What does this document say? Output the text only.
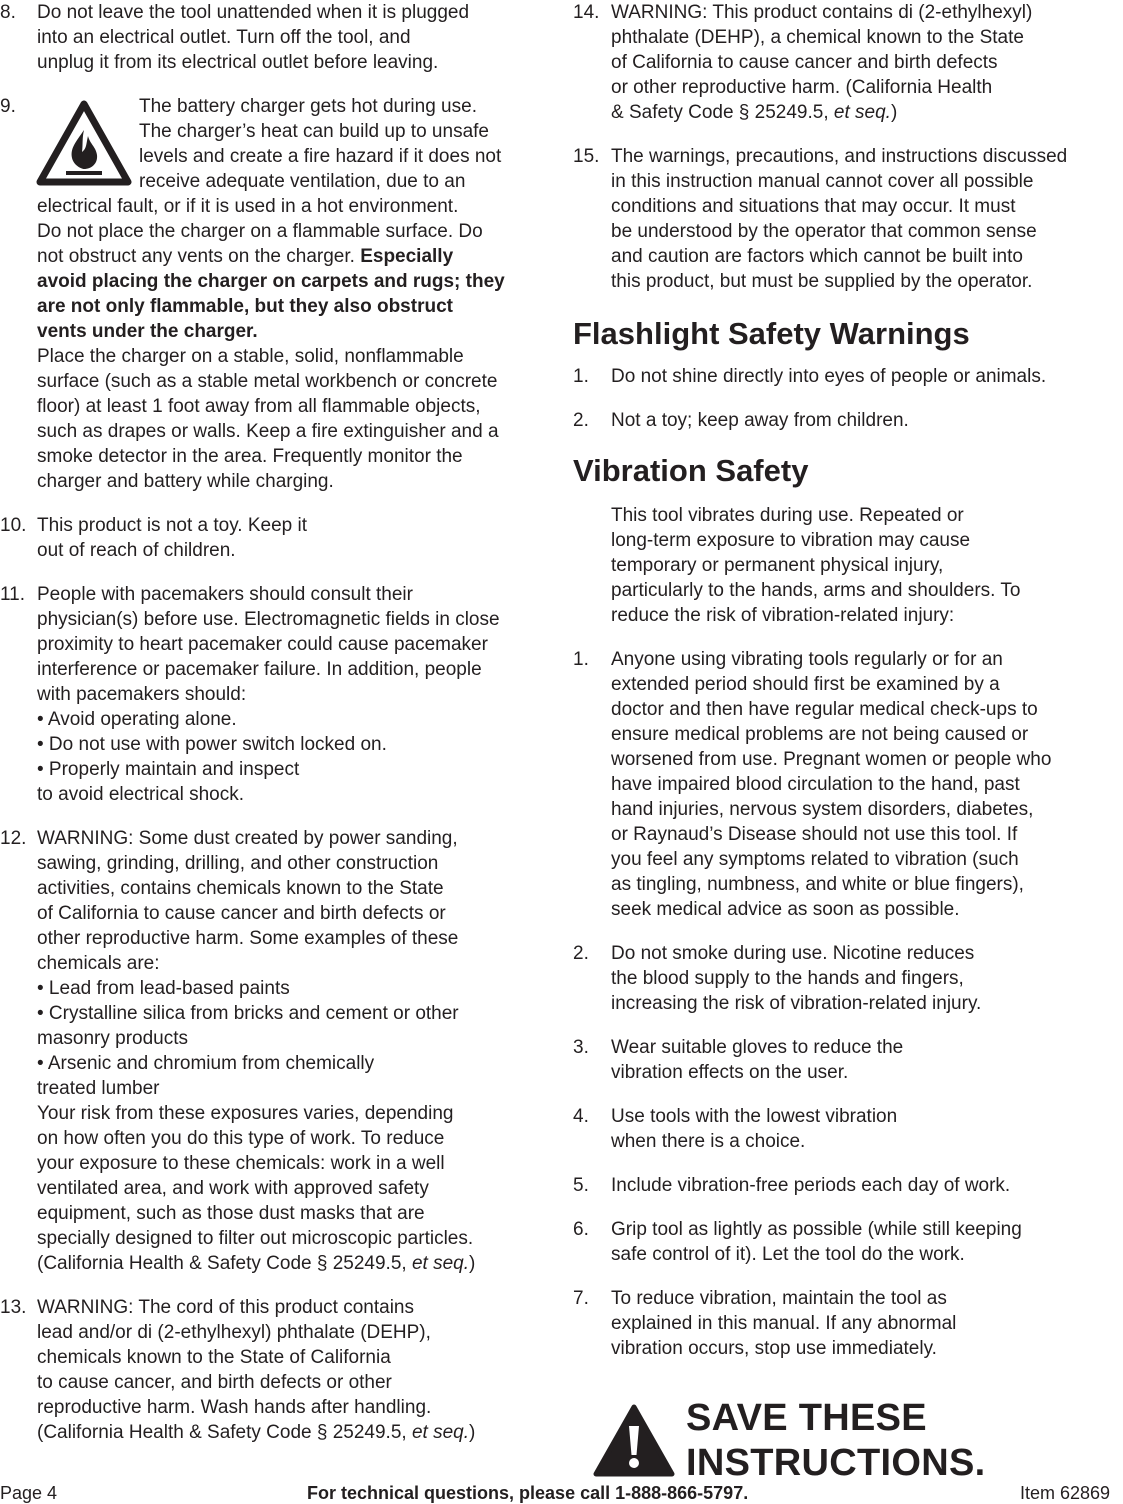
8. Do not leave the tool unattended when it is plugged
into an electrical outlet. Turn off the tool, and
unplug it from its electrical outlet before leaving.
9.	The battery charger gets hot during use.
The charger’s heat can build up to unsafe
levels and create a fire hazard if it does not
receive adequate ventilation, due to an
electrical fault, or if it is used in a hot environment.
Do not place the charger on a flammable surface. Do
not obstruct any vents on the charger. Especially
avoid placing the charger on carpets and rugs; they
are not only flammable, but they also obstruct
vents under the charger.
Place the charger on a stable, solid, nonflammable
surface (such as a stable metal workbench or concrete
floor) at least 1 foot away from all flammable objects,
such as drapes or walls. Keep a fire extinguisher and a
smoke detector in the area. Frequently monitor the
charger and battery while charging.
10. This product is not a toy. Keep it
out of reach of children.
11. People with pacemakers should consult their
physician(s) before use. Electromagnetic fields in close
proximity to heart pacemaker could cause pacemaker
interference or pacemaker failure. In addition, people
with pacemakers should:
• Avoid operating alone.
• Do not use with power switch locked on.
• Properly maintain and inspect
to avoid electrical shock.
12. WARNING: Some dust created by power sanding,
sawing, grinding, drilling, and other construction
activities, contains chemicals known to the State
of California to cause cancer and birth defects or
other reproductive harm. Some examples of these
chemicals are:
• Lead from lead-based paints
• Crystalline silica from bricks and cement or other
masonry products
• Arsenic and chromium from chemically
treated lumber
Your risk from these exposures varies, depending
on how often you do this type of work. To reduce
your exposure to these chemicals: work in a well
ventilated area, and work with approved safety
equipment, such as those dust masks that are
specially designed to filter out microscopic particles.
(California Health & Safety Code § 25249.5, et seq.)
13. WARNING: The cord of this product contains
lead and/or di (2-ethylhexyl) phthalate (DEHP),
chemicals known to the State of California
to cause cancer, and birth defects or other
reproductive harm. Wash hands after handling.
(California Health & Safety Code § 25249.5, et seq.)
14. WARNING: This product contains di (2-ethylhexyl)
phthalate (DEHP), a chemical known to the State
of California to cause cancer and birth defects
or other reproductive harm. (California Health
& Safety Code § 25249.5, et seq.)
15. The warnings, precautions, and instructions discussed
in this instruction manual cannot cover all possible
conditions and situations that may occur. It must
be understood by the operator that common sense
and caution are factors which cannot be built into
this product, but must be supplied by the operator.
Flashlight Safety Warnings
1. Do not shine directly into eyes of people or animals.
2. Not a toy; keep away from children.
Vibration Safety
This tool vibrates during use. Repeated or
long-term exposure to vibration may cause
temporary or permanent physical injury,
particularly to the hands, arms and shoulders. To
reduce the risk of vibration-related injury:
1. Anyone using vibrating tools regularly or for an
extended period should first be examined by a
doctor and then have regular medical check-ups to
ensure medical problems are not being caused or
worsened from use. Pregnant women or people who
have impaired blood circulation to the hand, past
hand injuries, nervous system disorders, diabetes,
or Raynaud’s Disease should not use this tool. If
you feel any symptoms related to vibration (such
as tingling, numbness, and white or blue fingers),
seek medical advice as soon as possible.
2. Do not smoke during use. Nicotine reduces
the blood supply to the hands and fingers,
increasing the risk of vibration-related injury.
3. Wear suitable gloves to reduce the
vibration effects on the user.
4. Use tools with the lowest vibration
when there is a choice.
5. Include vibration-free periods each day of work.
6. Grip tool as lightly as possible (while still keeping
safe control of it). Let the tool do the work.
7. To reduce vibration, maintain the tool as
explained in this manual. If any abnormal
vibration occurs, stop use immediately.
SAVE THESE
INSTRUCTIONS.
Page 4	For technical questions, please call 1-888-866-5797.	Item 62869
